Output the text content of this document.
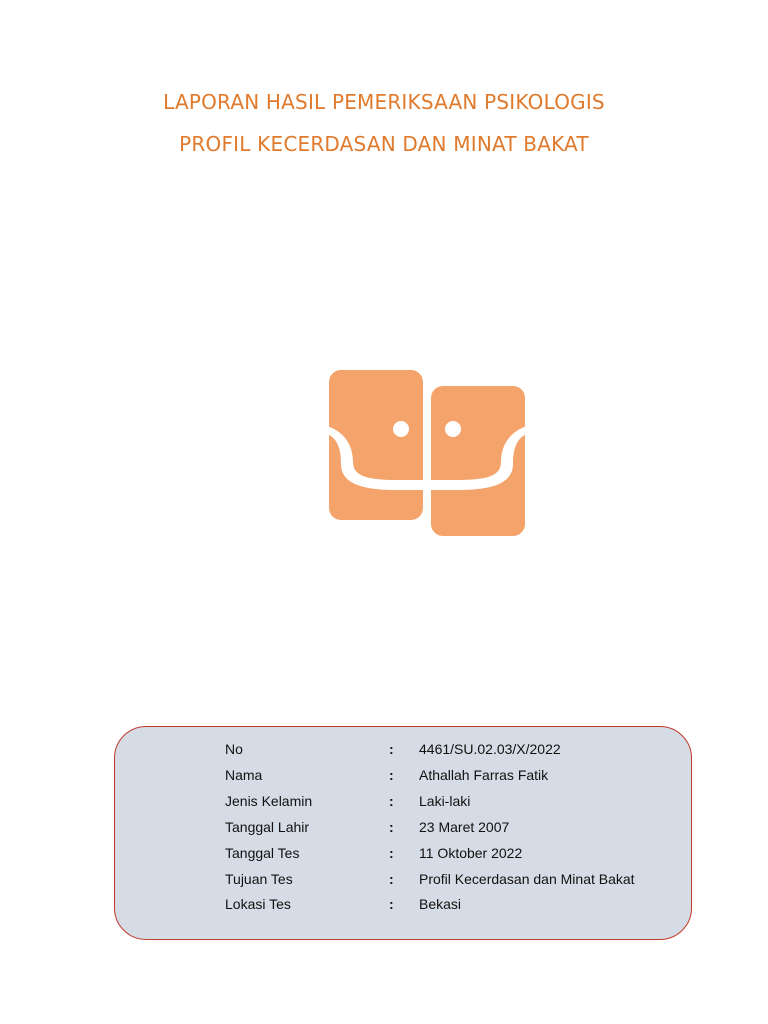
LAPORAN HASIL PEMERIKSAAN PSIKOLOGIS
PROFIL KECERDASAN DAN MINAT BAKAT
No	: 4461/SU.02.03/X/2022
Nama	: Athallah Farras Fatik
Jenis Kelamin	: Laki-laki
Tanggal Lahir	: 23 Maret 2007
Tanggal Tes	: 11 Oktober 2022
Tujuan Tes	: Profil Kecerdasan dan Minat Bakat
Lokasi Tes	: Bekasi
